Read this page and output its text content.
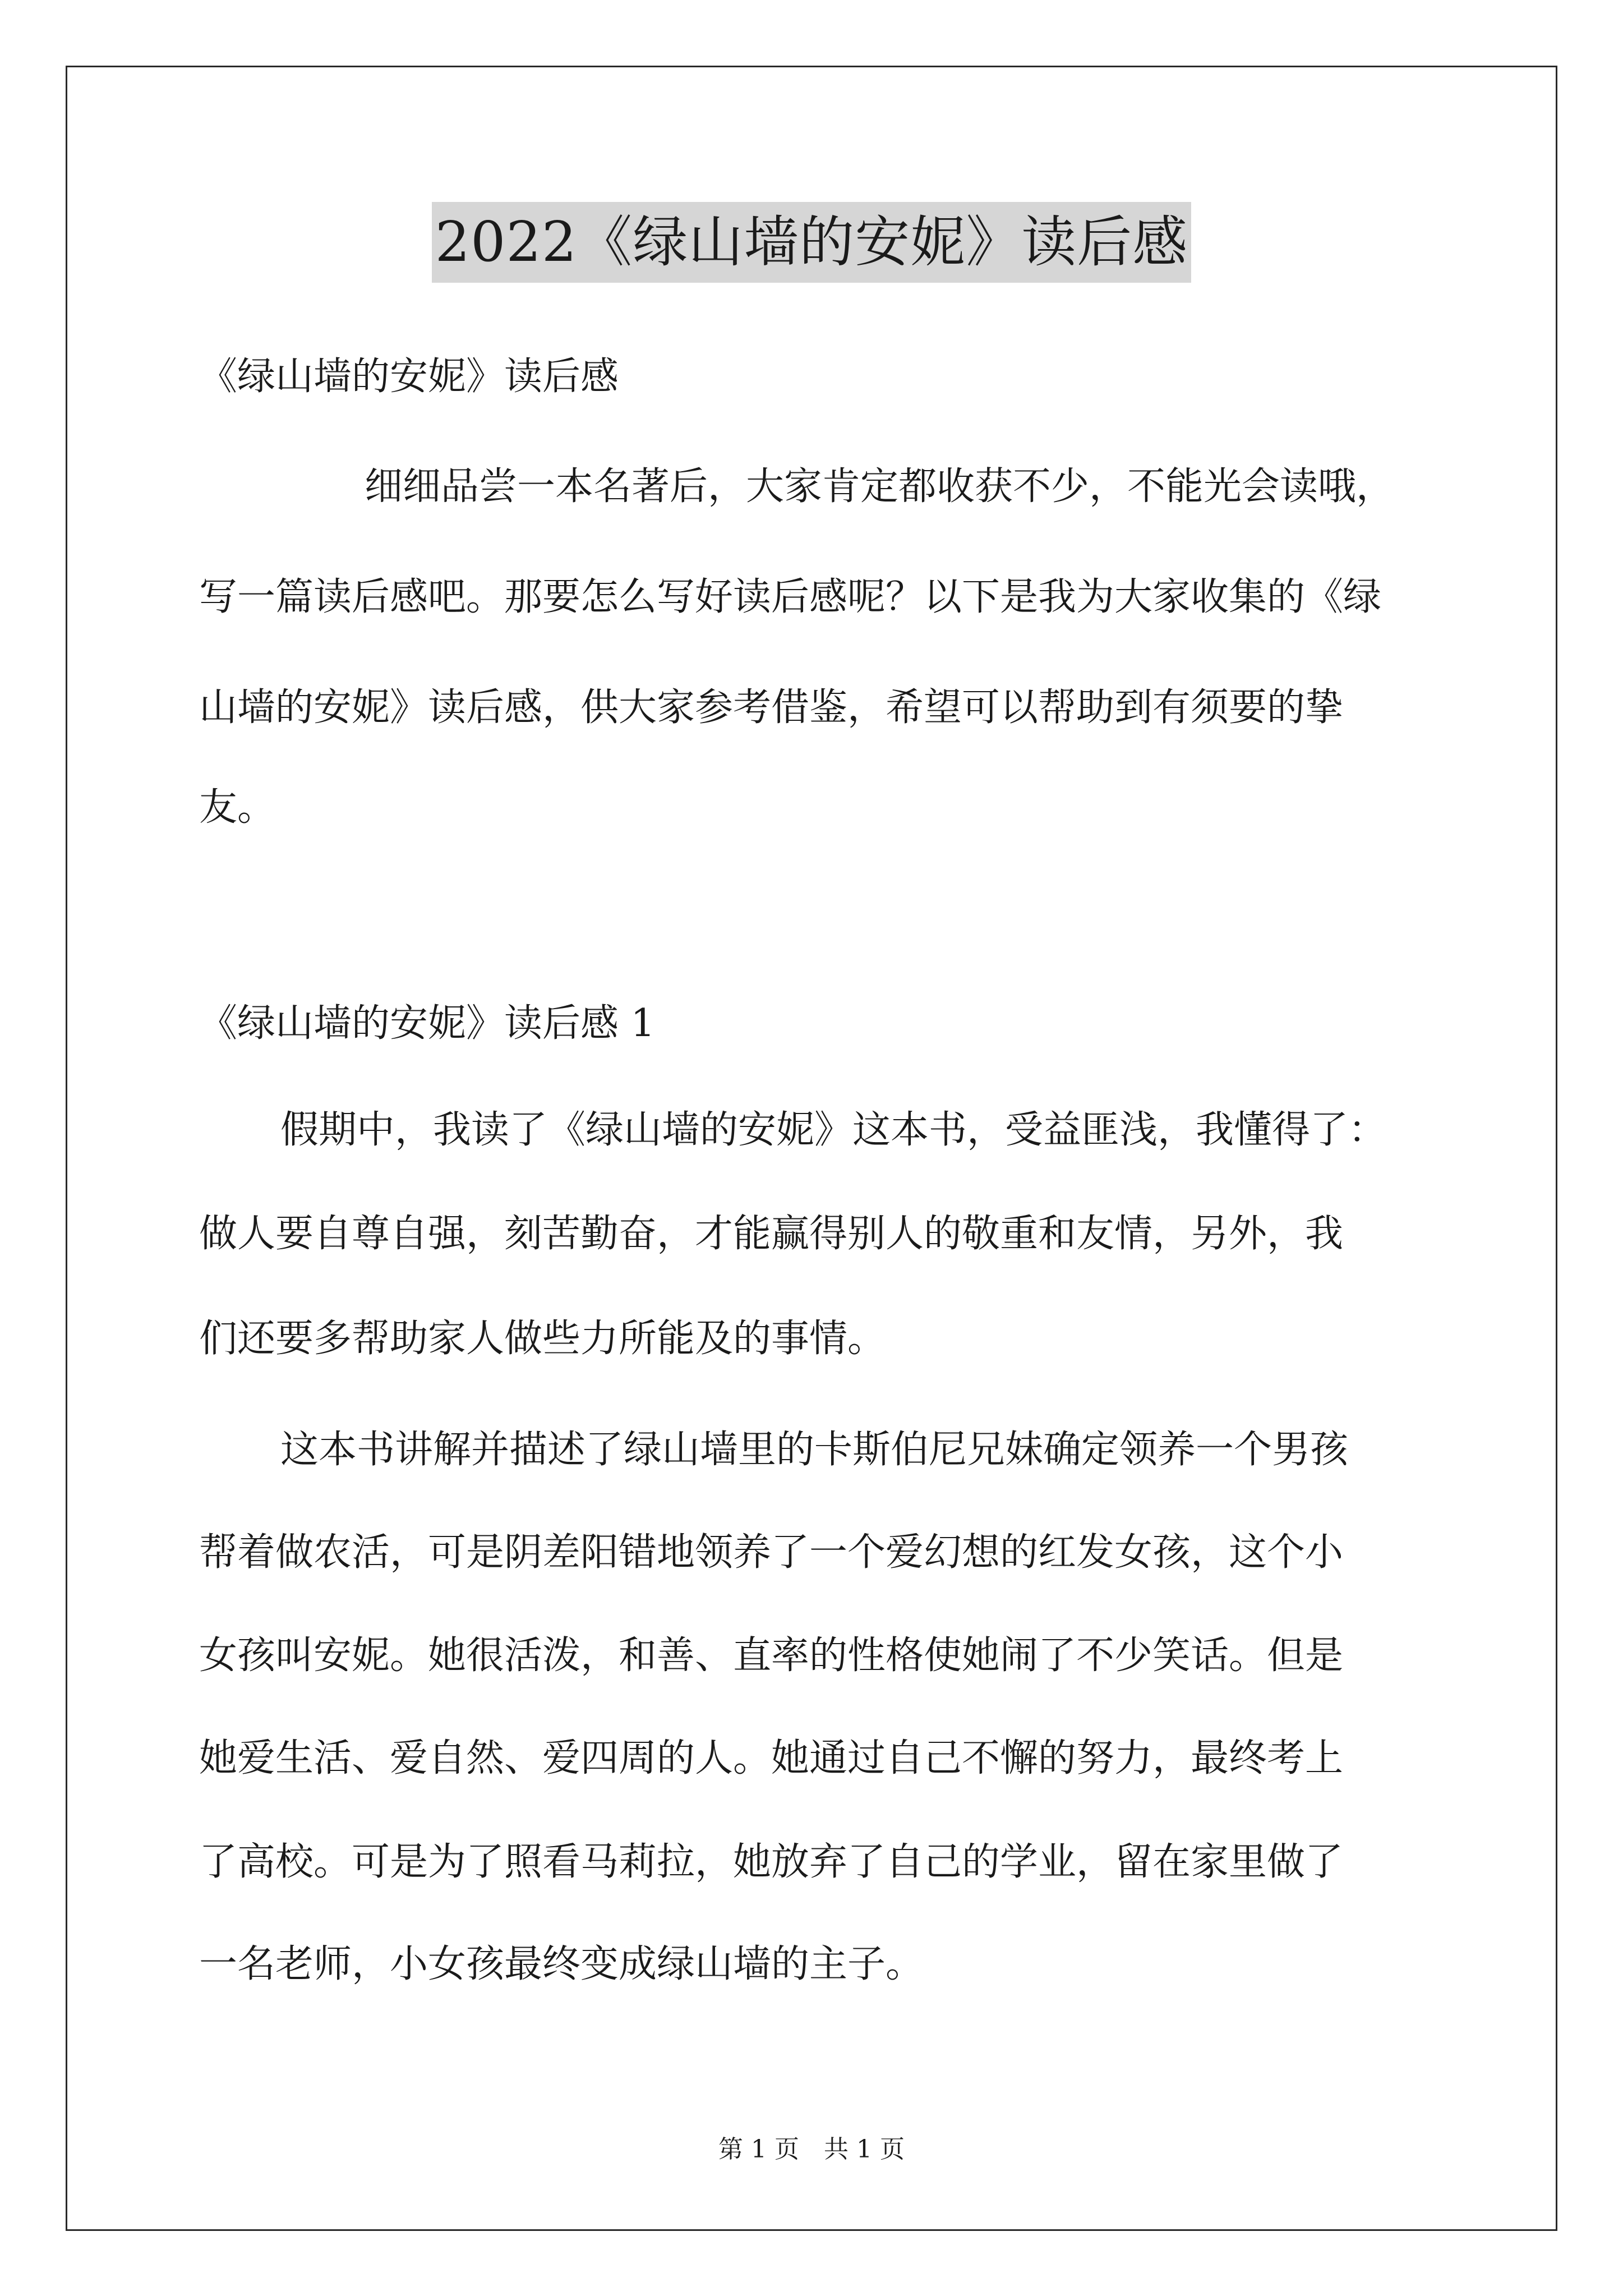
2022《绿山墙的安妮》读后感
《绿山墙的安妮》读后感
细细品尝一本名著后，大家肯定都收获不少，不能光会读哦，
写一篇读后感吧。那要怎么写好读后感呢？以下是我为大家收集的《绿
山墙的安妮》读后感，供大家参考借鉴，希望可以帮助到有须要的挚
友。
《绿山墙的安妮》读后感 1
假期中，我读了《绿山墙的安妮》这本书，受益匪浅，我懂得了：
做人要自尊自强，刻苦勤奋，才能赢得别人的敬重和友情，另外，我
们还要多帮助家人做些力所能及的事情。
这本书讲解并描述了绿山墙里的卡斯伯尼兄妹确定领养一个男孩
帮着做农活，可是阴差阳错地领养了一个爱幻想的红发女孩，这个小
女孩叫安妮。她很活泼，和善、直率的性格使她闹了不少笑话。但是
她爱生活、爱自然、爱四周的人。她通过自己不懈的努力，最终考上
了高校。可是为了照看马莉拉，她放弃了自己的学业，留在家里做了
一名老师，小女孩最终变成绿山墙的主子。
第 1 页　共 1 页
